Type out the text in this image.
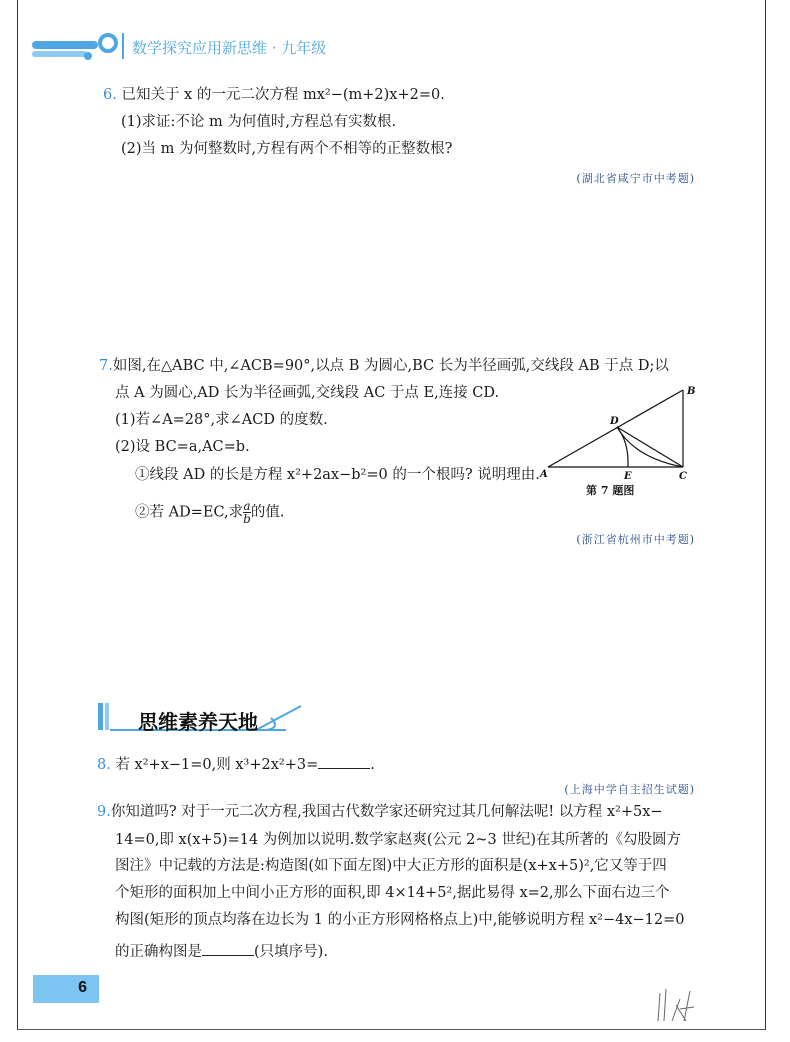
数学探究应用新思维 · 九年级
6. 已知关于 x 的一元二次方程 mx²−(m+2)x+2=0.
(1)求证:不论 m 为何值时,方程总有实数根.
(2)当 m 为何整数时,方程有两个不相等的正整数根?
(湖北省咸宁市中考题)
7.如图,在△ABC 中,∠ACB=90°,以点 B 为圆心,BC 长为半径画弧,交线段 AB 于点 D;以
点 A 为圆心,AD 长为半径画弧,交线段 AC 于点 E,连接 CD.
(1)若∠A=28°,求∠ACD 的度数.
(2)设 BC=a,AC=b.
①线段 AD 的长是方程 x²+2ax−b²=0 的一个根吗? 说明理由.
②若 AD=EC,求 $\frac{a}{b}$ 的值.
A
B
C
D
E
第 7 题图
(浙江省杭州市中考题)
思维素养天地
8. 若 x²+x−1=0,则 x³+2x²+3=	.
(上海中学自主招生试题)
9.你知道吗? 对于一元二次方程,我国古代数学家还研究过其几何解法呢! 以方程 x²+5x−
14=0,即 x(x+5)=14 为例加以说明.数学家赵爽(公元 2~3 世纪)在其所著的《勾股圆方
图注》中记载的方法是:构造图(如下面左图)中大正方形的面积是(x+x+5)²,它又等于四
个矩形的面积加上中间小正方形的面积,即 4×14+5²,据此易得 x=2,那么下面右边三个
构图(矩形的顶点均落在边长为 1 的小正方形网格格点上)中,能够说明方程 x²−4x−12=0
的正确构图是	(只填序号).
6
